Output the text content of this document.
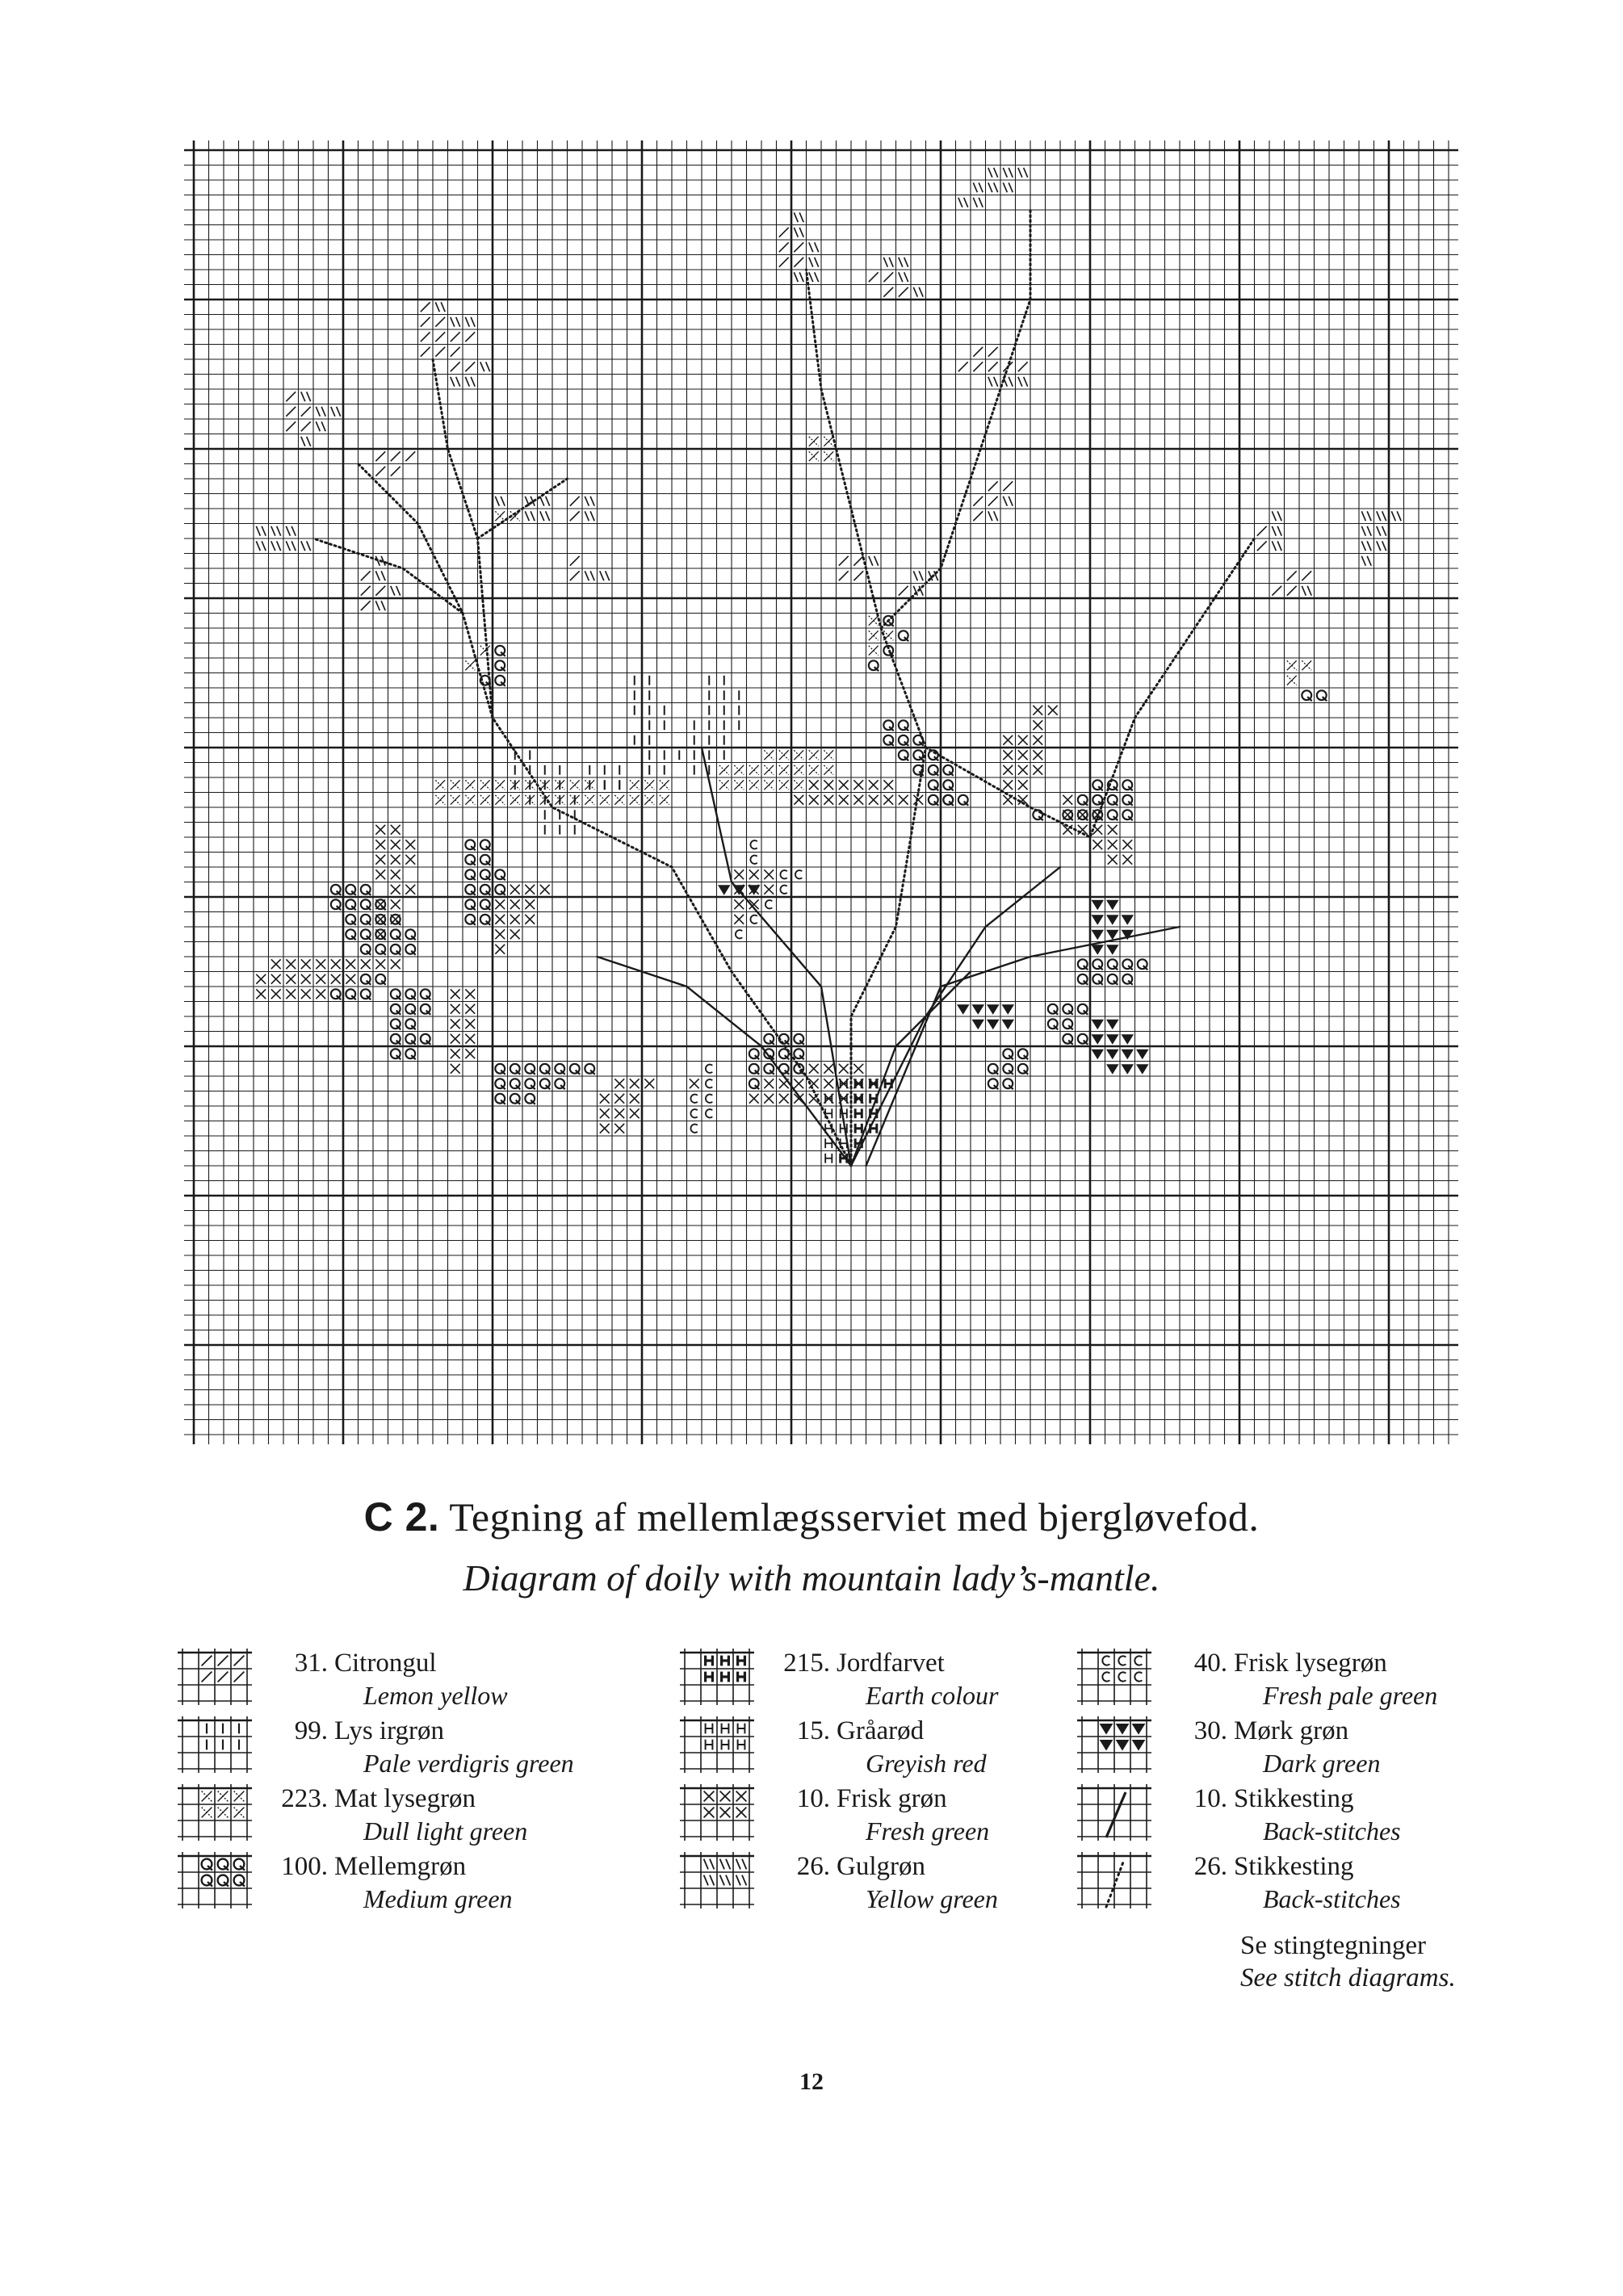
C 2. Tegning af mellemlægsserviet med bjergløvefod.
Diagram of doily with mountain lady’s-mantle.
31. Citrongul
Lemon yellow
99. Lys irgrøn
Pale verdigris green
223. Mat lysegrøn
Dull light green
100. Mellemgrøn
Medium green
215. Jordfarvet
Earth colour
15. Gråarød
Greyish red
10. Frisk grøn
Fresh green
26. Gulgrøn
Yellow green
40. Frisk lysegrøn
Fresh pale green
30. Mørk grøn
Dark green
10. Stikkesting
Back-stitches
26. Stikkesting
Back-stitches
Se stingtegninger
See stitch diagrams.
12
